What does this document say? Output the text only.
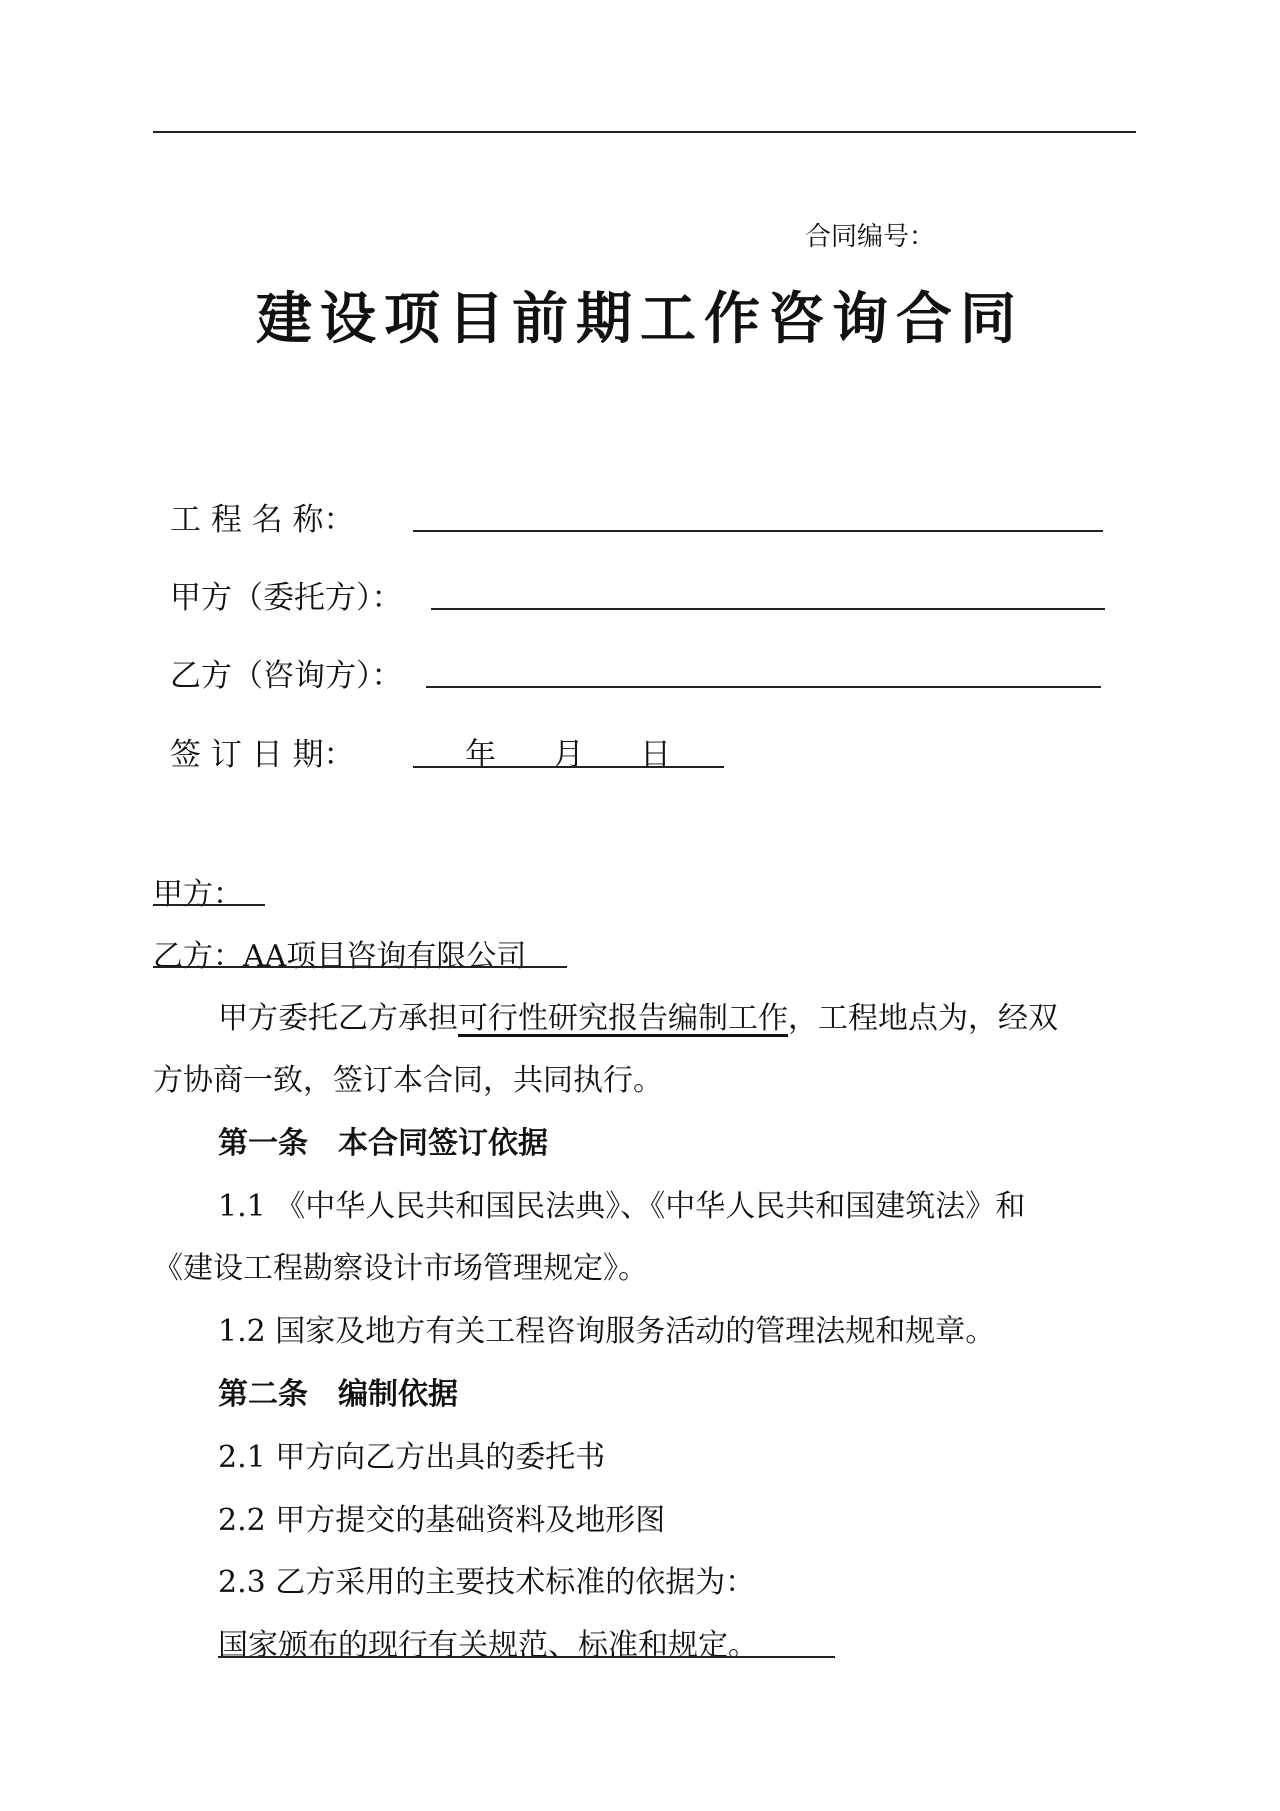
合同编号：
建设项目前期工作咨询合同
工 程 名 称：
甲方（委托方）：
乙方（咨询方）：
签 订 日 期：	年 月 日
甲方：
乙方：AA项目咨询有限公司
甲方委托乙方承担可行性研究报告编制工作，工程地点为，经双
方协商一致，签订本合同，共同执行。
第一条　本合同签订依据
1.1 《中华人民共和国民法典》、《中华人民共和国建筑法》和
《建设工程勘察设计市场管理规定》。
1.2 国家及地方有关工程咨询服务活动的管理法规和规章。
第二条　编制依据
2.1 甲方向乙方出具的委托书
2.2 甲方提交的基础资料及地形图
2.3 乙方采用的主要技术标准的依据为：
国家颁布的现行有关规范、标准和规定。
